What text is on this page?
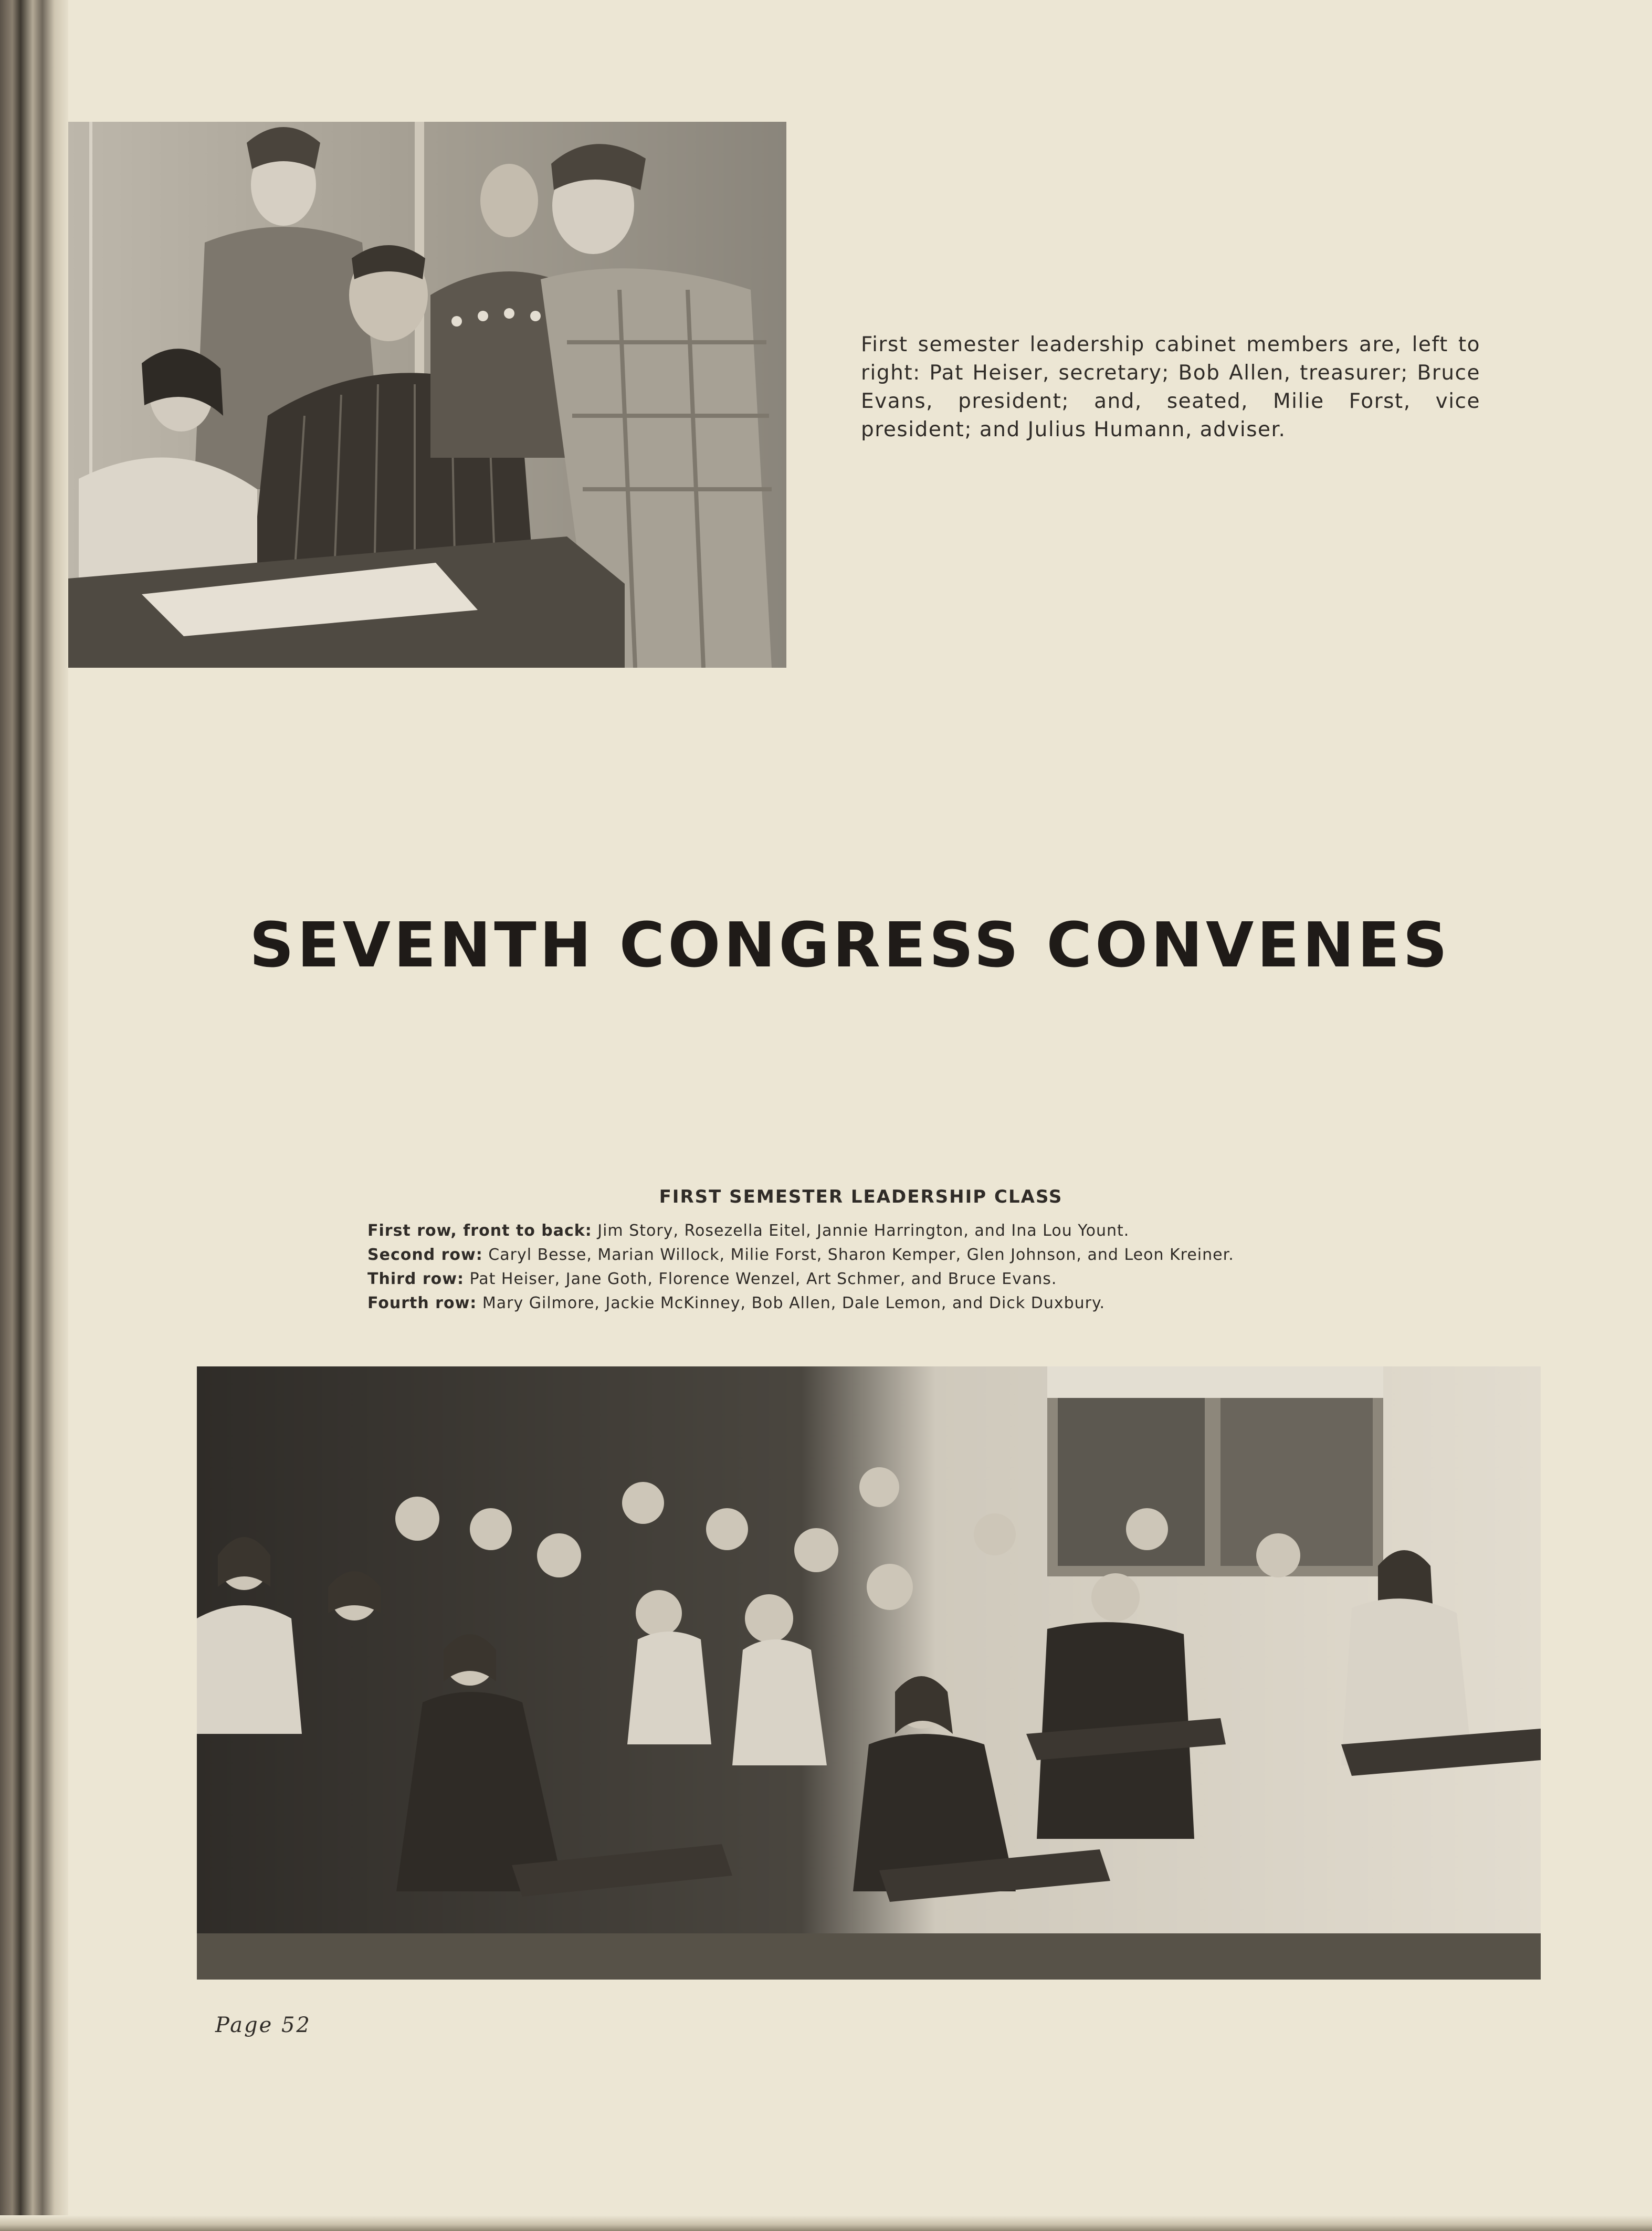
First semester leadership cabinet members are, left to right: Pat Heiser, secretary; Bob Allen, treasurer; Bruce Evans, president; and, seated, Milie Forst, vice president; and Julius Humann, adviser.
SEVENTH CONGRESS CONVENES
FIRST SEMESTER LEADERSHIP CLASS
First row, front to back: Jim Story, Rosezella Eitel, Jannie Harrington, and Ina Lou Yount.
Second row: Caryl Besse, Marian Willock, Milie Forst, Sharon Kemper, Glen Johnson, and Leon Kreiner.
Third row: Pat Heiser, Jane Goth, Florence Wenzel, Art Schmer, and Bruce Evans.
Fourth row: Mary Gilmore, Jackie McKinney, Bob Allen, Dale Lemon, and Dick Duxbury.
Page 52
